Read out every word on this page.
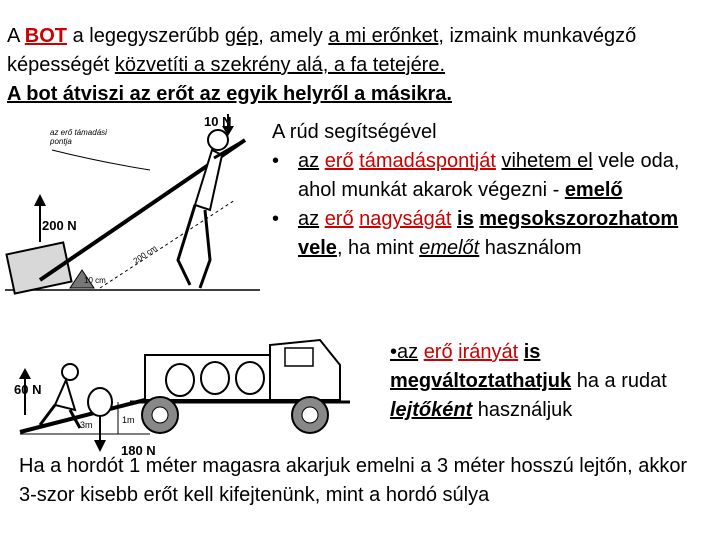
A BOT a legegyszerűbb gép, amely a mi erőnket, izmaink munkavégző képességét közvetíti a szekrény alá, a fa tetejére.
A bot átviszi az erőt az egyik helyről a másikra.

10 N
200 N
az erő támadási pontja
200 cm
10 cm

A rúd segítségével

• az erő támadáspontját vihetem el vele oda, ahol munkát akarok végezni - emelő

• az erő nagyságát is megsokszorozhatom vele, ha mint emelőt használom

60 N
180 N
1m
3m

•az erő irányát is megváltoztathatjuk ha a rudat lejtőként használjuk

Ha a hordót 1 méter magasra akarjuk emelni a 3 méter hosszú lejtőn, akkor 3-szor kisebb erőt kell kifejtenünk, mint a hordó súlya
